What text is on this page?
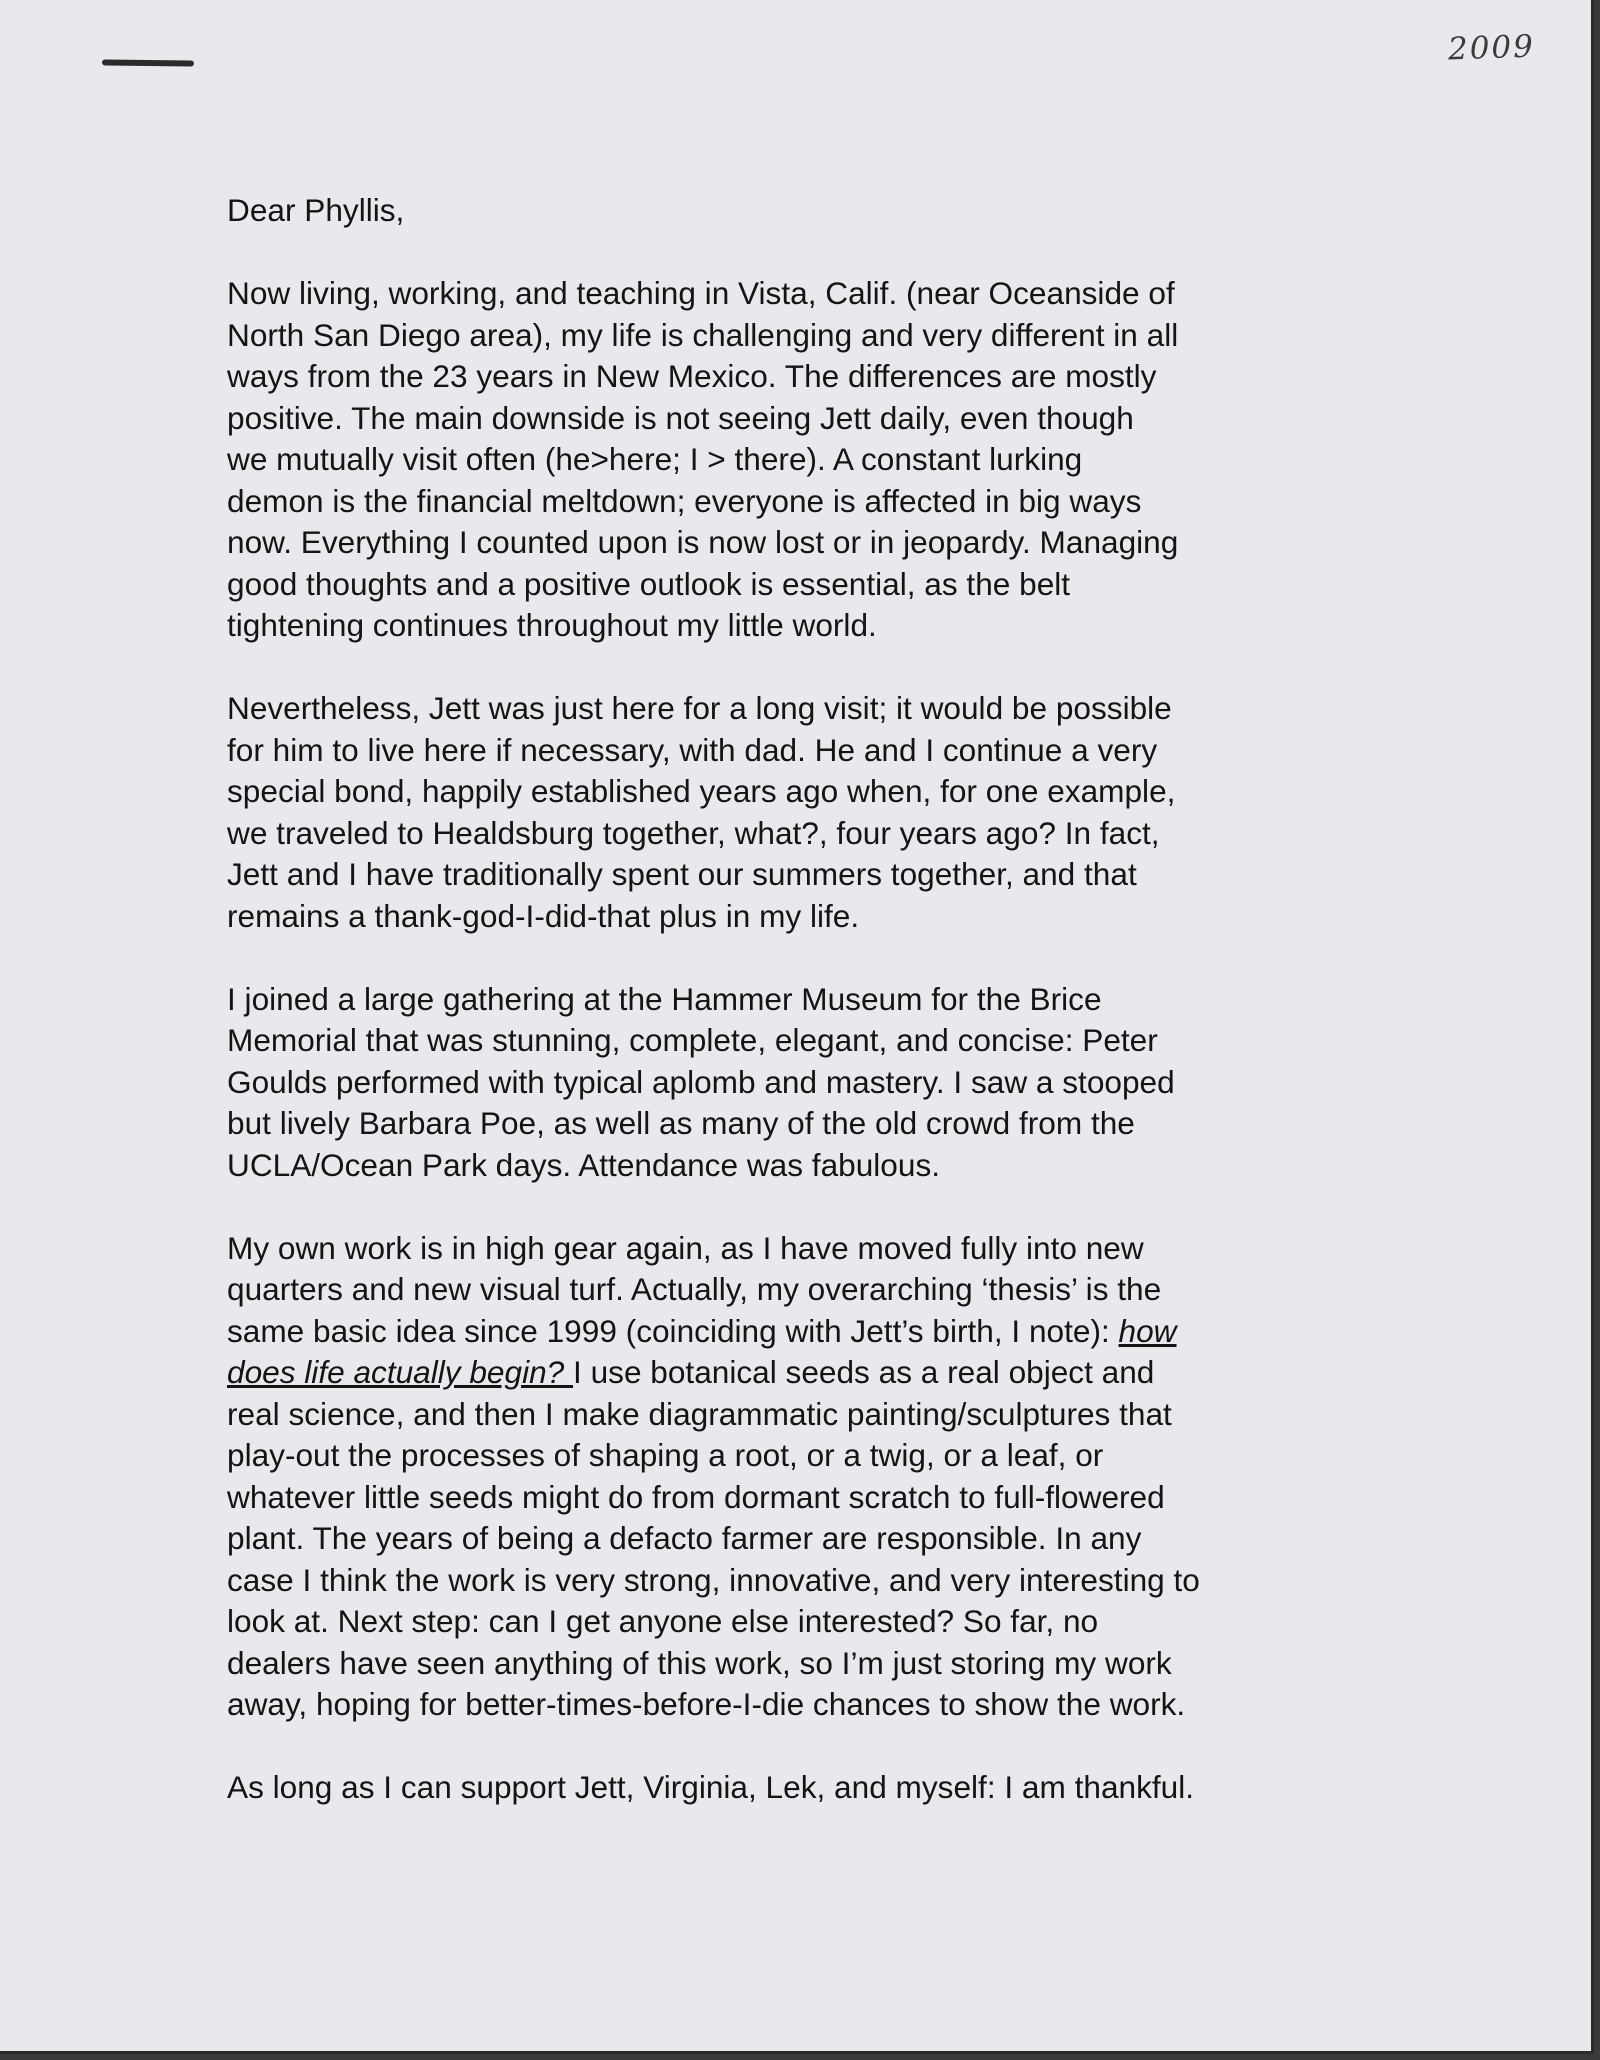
2009
Dear Phyllis,
Now living, working, and teaching in Vista, Calif. (near Oceanside of
North San Diego area), my life is challenging and very different in all
ways from the 23 years in New Mexico. The differences are mostly
positive. The main downside is not seeing Jett daily, even though
we mutually visit often (he>here; I > there). A constant lurking
demon is the financial meltdown; everyone is affected in big ways
now. Everything I counted upon is now lost or in jeopardy. Managing
good thoughts and a positive outlook is essential, as the belt
tightening continues throughout my little world.
Nevertheless, Jett was just here for a long visit; it would be possible
for him to live here if necessary, with dad. He and I continue a very
special bond, happily established years ago when, for one example,
we traveled to Healdsburg together, what?, four years ago? In fact,
Jett and I have traditionally spent our summers together, and that
remains a thank-god-I-did-that plus in my life.
I joined a large gathering at the Hammer Museum for the Brice
Memorial that was stunning, complete, elegant, and concise: Peter
Goulds performed with typical aplomb and mastery. I saw a stooped
but lively Barbara Poe, as well as many of the old crowd from the
UCLA/Ocean Park days. Attendance was fabulous.
My own work is in high gear again, as I have moved fully into new
quarters and new visual turf. Actually, my overarching ‘thesis’ is the
same basic idea since 1999 (coinciding with Jett’s birth, I note): how
does life actually begin? I use botanical seeds as a real object and
real science, and then I make diagrammatic painting/sculptures that
play-out the processes of shaping a root, or a twig, or a leaf, or
whatever little seeds might do from dormant scratch to full-flowered
plant. The years of being a defacto farmer are responsible. In any
case I think the work is very strong, innovative, and very interesting to
look at. Next step: can I get anyone else interested? So far, no
dealers have seen anything of this work, so I’m just storing my work
away, hoping for better-times-before-I-die chances to show the work.
As long as I can support Jett, Virginia, Lek, and myself: I am thankful.
